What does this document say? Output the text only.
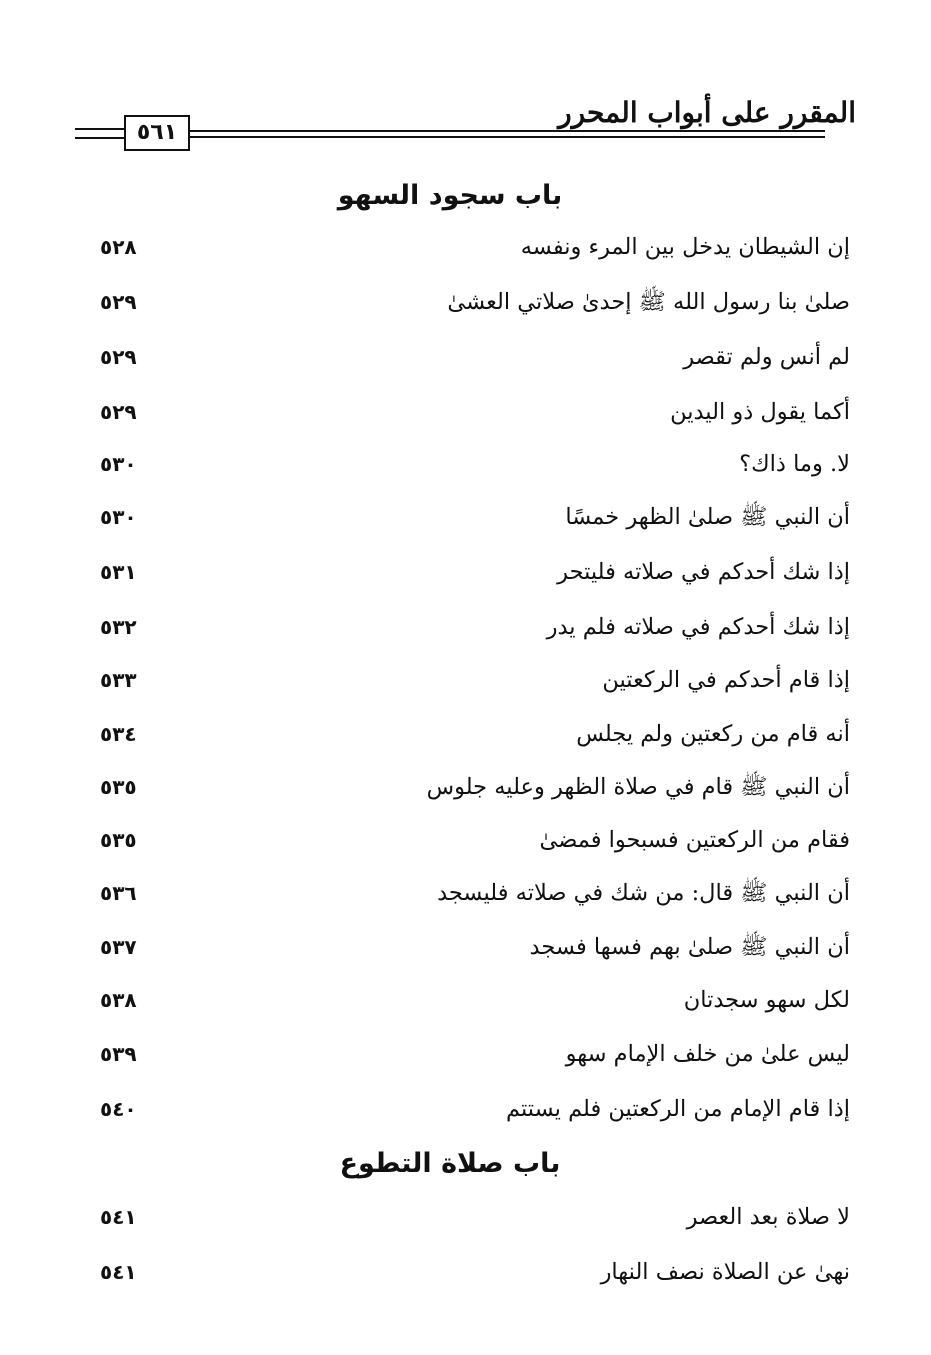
المقرر على أبواب المحرر
٥٦١
باب سجود السهو
إن الشيطان يدخل بين المرء ونفسه
٥٢٨
صلىٰ بنا رسول الله ﷺ إحدىٰ صلاتي العشىٰ
٥٢٩
لم أنس ولم تقصر
٥٢٩
أكما يقول ذو اليدين
٥٢٩
لا. وما ذاك؟
٥٣٠
أن النبي ﷺ صلىٰ الظهر خمسًا
٥٣٠
إذا شك أحدكم في صلاته فليتحر
٥٣١
إذا شك أحدكم في صلاته فلم يدر
٥٣٢
إذا قام أحدكم في الركعتين
٥٣٣
أنه قام من ركعتين ولم يجلس
٥٣٤
أن النبي ﷺ قام في صلاة الظهر وعليه جلوس
٥٣٥
فقام من الركعتين فسبحوا فمضىٰ
٥٣٥
أن النبي ﷺ قال: من شك في صلاته فليسجد
٥٣٦
أن النبي ﷺ صلىٰ بهم فسها فسجد
٥٣٧
لكل سهو سجدتان
٥٣٨
ليس علىٰ من خلف الإمام سهو
٥٣٩
إذا قام الإمام من الركعتين فلم يستتم
٥٤٠
باب صلاة التطوع
لا صلاة بعد العصر
٥٤١
نهىٰ عن الصلاة نصف النهار
٥٤١
